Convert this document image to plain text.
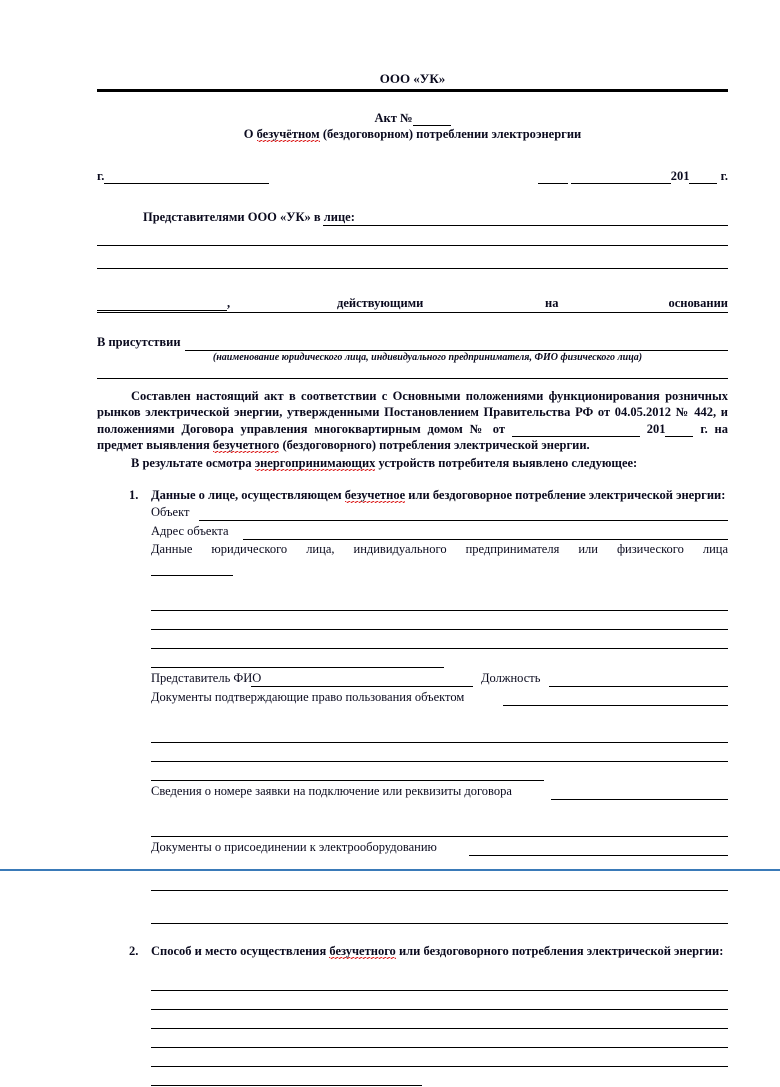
ООО «УК»
Акт №
О безучётном (бездоговорном) потреблении электроэнергии
г.	201 г.
Представителями ООО «УК» в лице:
,	действующими	на	основании
В присутствии
(наименование юридического лица, индивидуального предпринимателя, ФИО физического лица)
Составлен настоящий акт в соответствии с Основными положениями функционирования розничных рынков электрической энергии, утвержденными Постановлением Правительства РФ от 04.05.2012 № 442, и положениями Договора управления многоквартирным домом № от	201	г. на предмет выявления безучетного (бездоговорного) потребления электрической энергии.
В результате осмотра энергопринимающих устройств потребителя выявлено следующее:
1. Данные о лице, осуществляющем безучетное или бездоговорное потребление электрической энергии:
Объект
Адрес объекта
Данные юридического лица, индивидуального предпринимателя или физического лица
Представитель ФИО	Должность
Документы подтверждающие право пользования объектом
Сведения о номере заявки на подключение или реквизиты договора
Документы о присоединении к электрооборудованию
2. Способ и место осуществления безучетного или бездоговорного потребления электрической энергии:
